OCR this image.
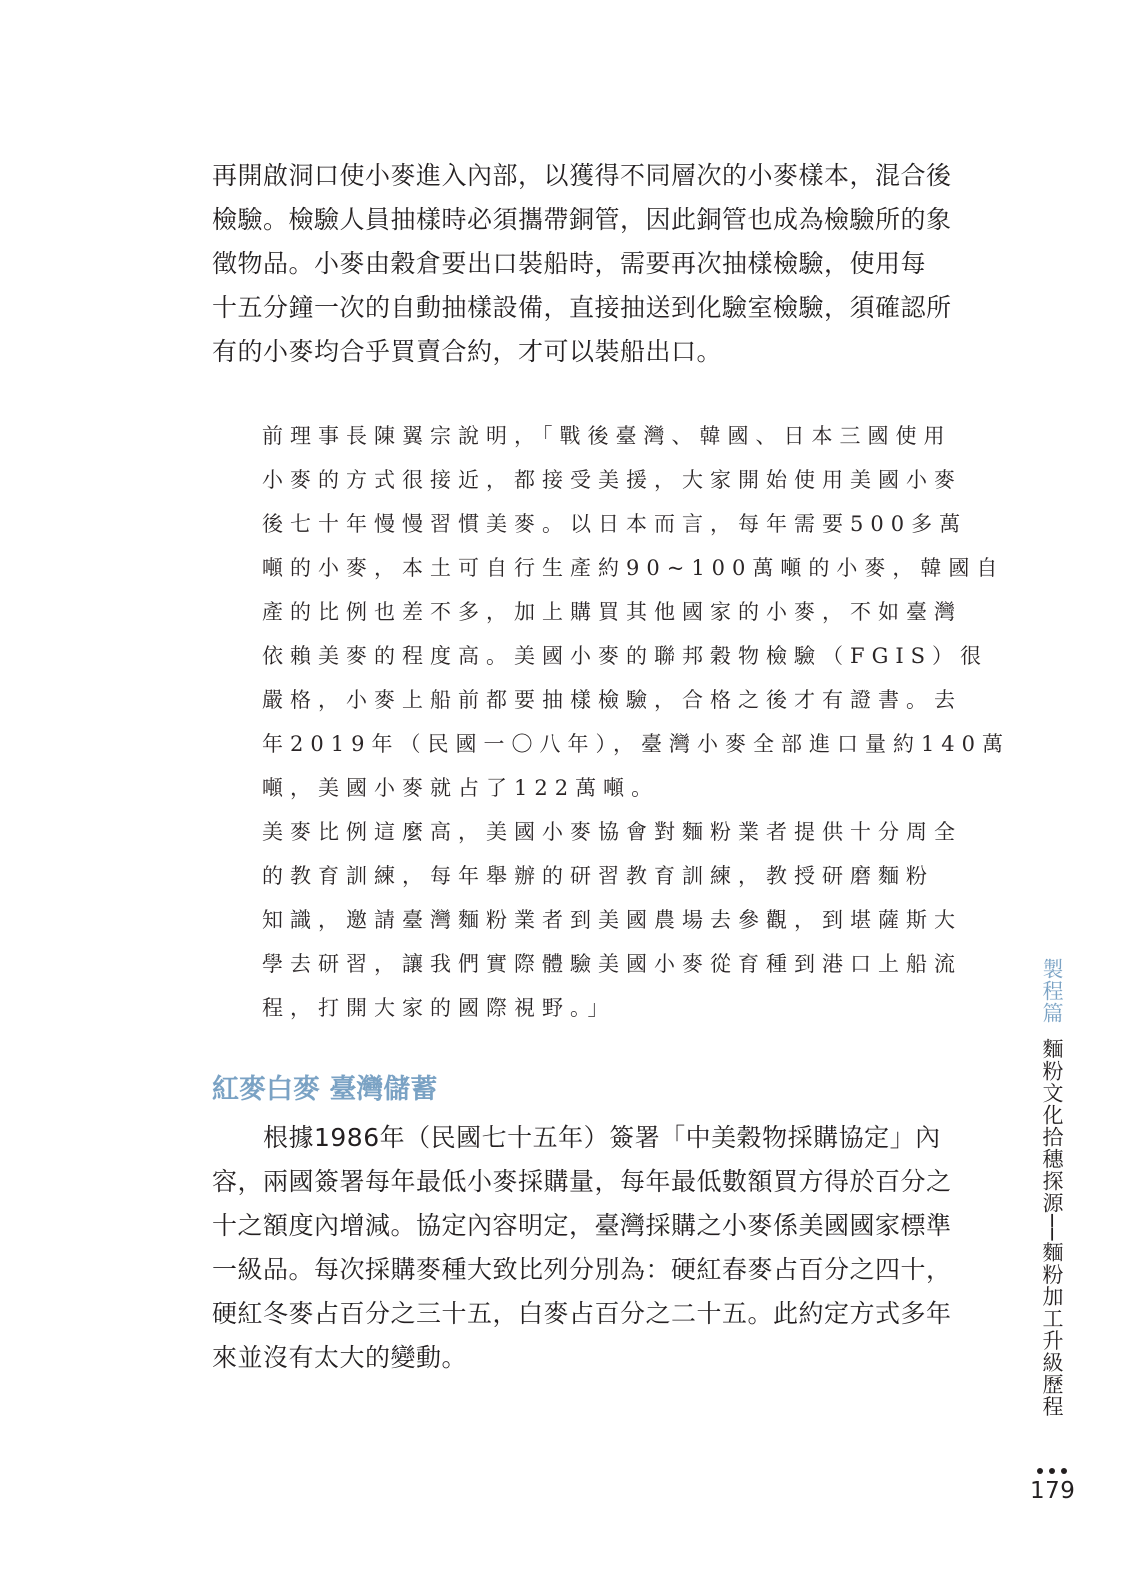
再開啟洞口使小麥進入內部，以獲得不同層次的小麥樣本，混合後
檢驗。檢驗人員抽樣時必須攜帶銅管，因此銅管也成為檢驗所的象
徵物品。小麥由穀倉要出口裝船時，需要再次抽樣檢驗，使用每
十五分鐘一次的自動抽樣設備，直接抽送到化驗室檢驗，須確認所
有的小麥均合乎買賣合約，才可以裝船出口。
前理事長陳翼宗說明，「戰後臺灣、韓國、日本三國使用
小麥的方式很接近，都接受美援，大家開始使用美國小麥
後七十年慢慢習慣美麥。以日本而言，每年需要500多萬
噸的小麥，本土可自行生產約90~100萬噸的小麥，韓國自
產的比例也差不多，加上購買其他國家的小麥，不如臺灣
依賴美麥的程度高。美國小麥的聯邦穀物檢驗（FGIS）很
嚴格，小麥上船前都要抽樣檢驗，合格之後才有證書。去
年2019年（民國一〇八年），臺灣小麥全部進口量約140萬
噸，美國小麥就占了122萬噸。
美麥比例這麼高，美國小麥協會對麵粉業者提供十分周全
的教育訓練，每年舉辦的研習教育訓練，教授研磨麵粉
知識，邀請臺灣麵粉業者到美國農場去參觀，到堪薩斯大
學去研習，讓我們實際體驗美國小麥從育種到港口上船流
程，打開大家的國際視野。」
紅麥白麥 臺灣儲蓄
　　根據1986年（民國七十五年）簽署「中美穀物採購協定」內
容，兩國簽署每年最低小麥採購量，每年最低數額買方得於百分之
十之額度內增減。協定內容明定，臺灣採購之小麥係美國國家標準
一級品。每次採購麥種大致比列分別為：硬紅春麥占百分之四十，
硬紅冬麥占百分之三十五，白麥占百分之二十五。此約定方式多年
來並沒有太大的變動。
製程篇
麵粉文化拾穗探源──麵粉加工升級歷程
179
